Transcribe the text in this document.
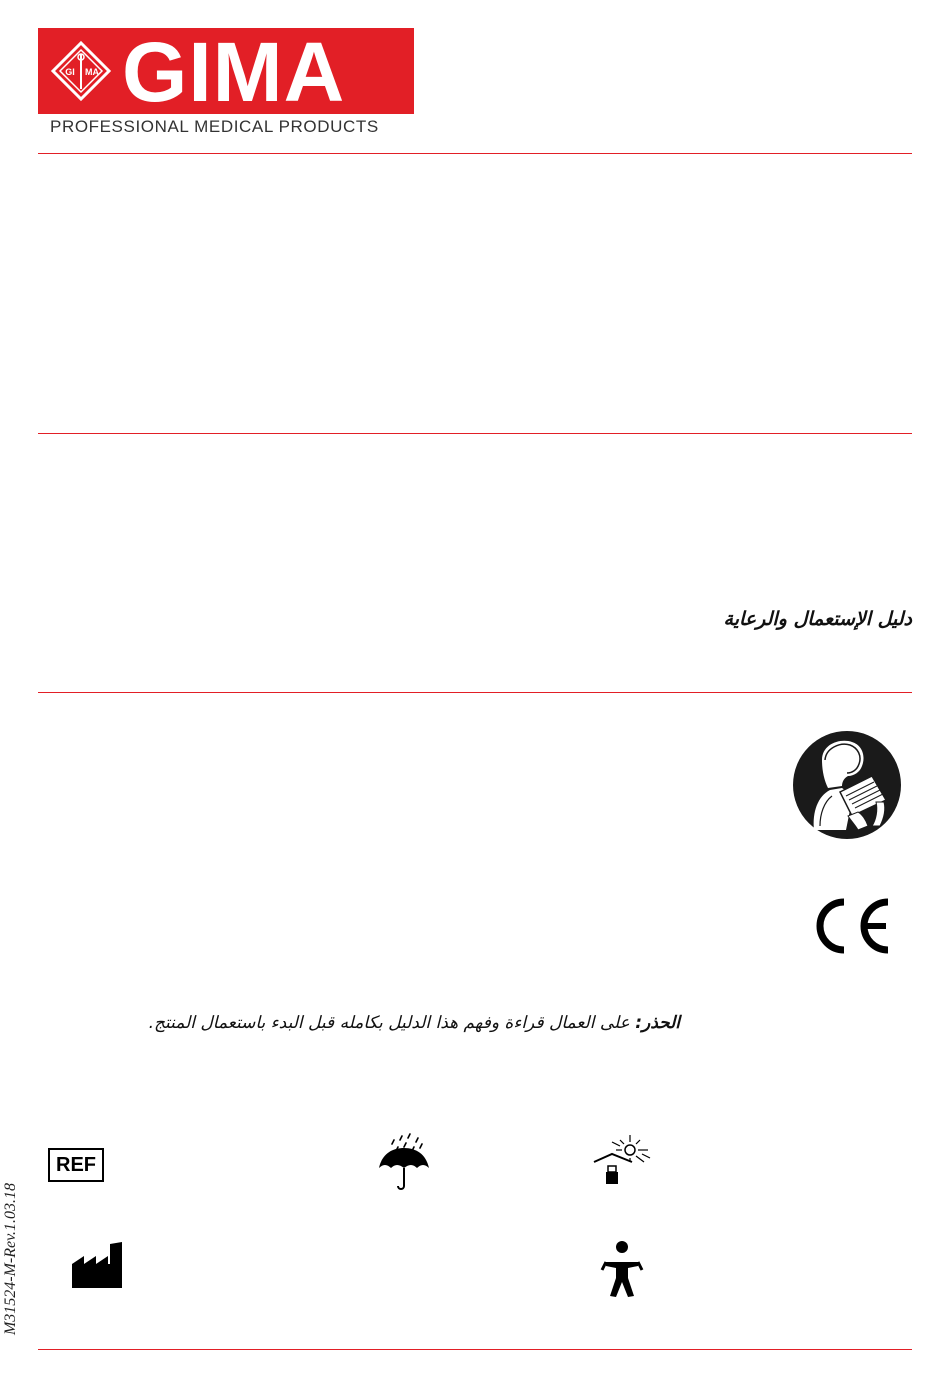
GI MA GIMA
PROFESSIONAL MEDICAL PRODUCTS
دليل الإستعمال والرعاية
الحذر: على العمال قراءة وفهم هذا الدليل بكامله قبل البدء باستعمال المنتج.
REF
M31524-M-Rev.1.03.18
